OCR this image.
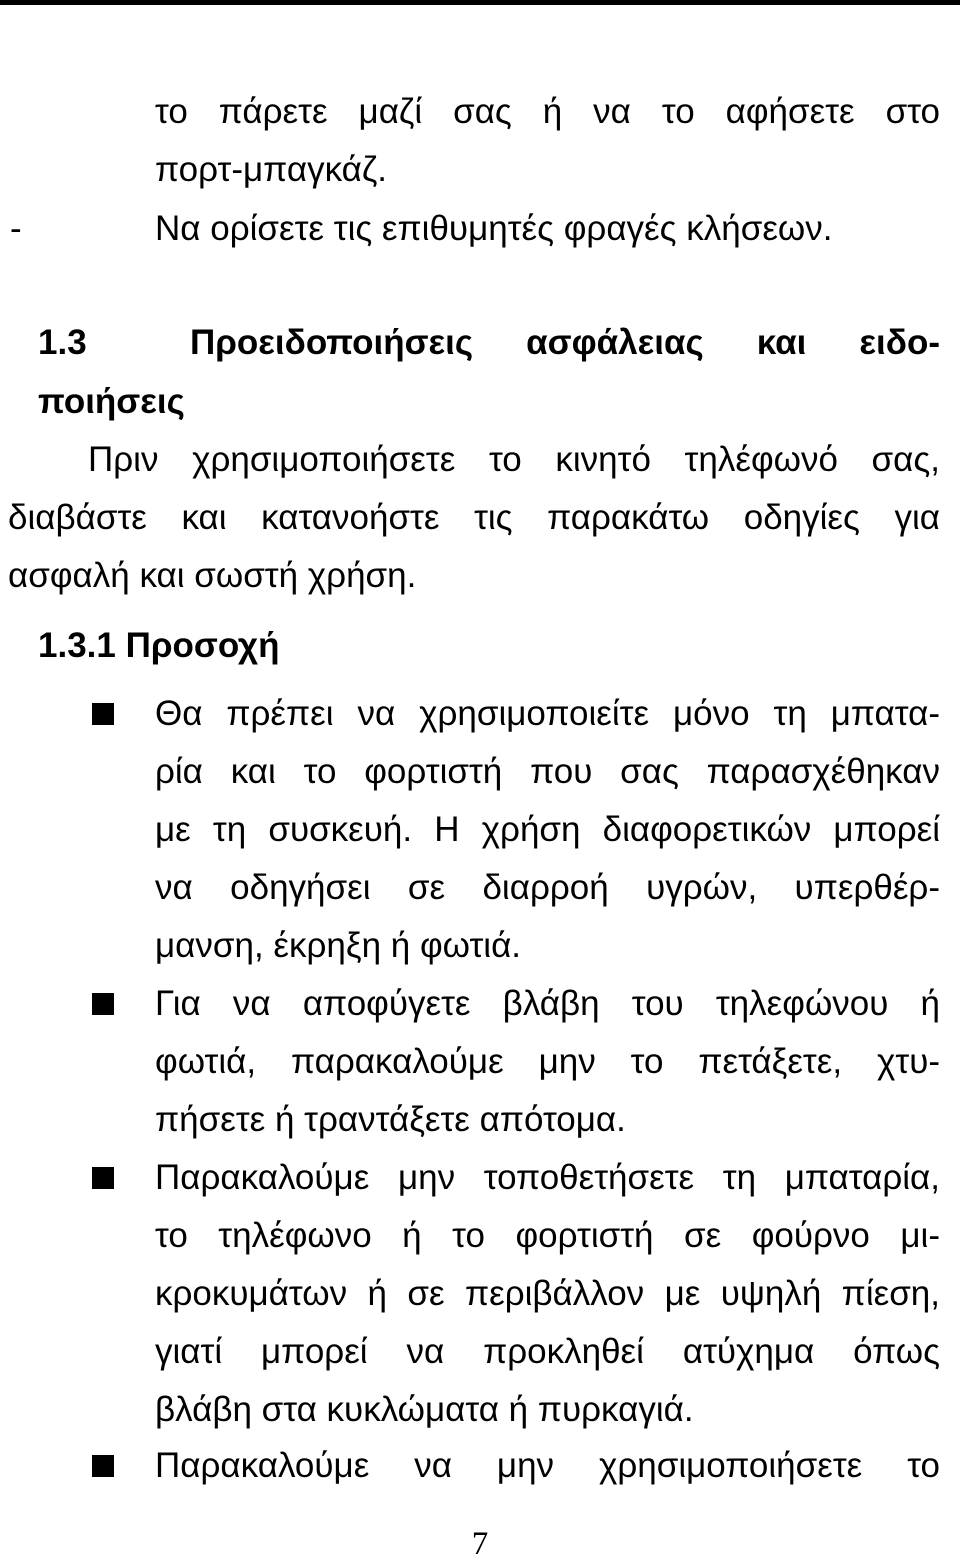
το πάρετε μαζί σας ή να το αφήσετε στο
πορτ-μπαγκάζ.
-	Να ορίσετε τις επιθυμητές φραγές κλήσεων.
1.3	Προειδοποιήσεις ασφάλειας και ειδο-
ποιήσεις
Πριν χρησιμοποιήσετε το κινητό τηλέφωνό σας,
διαβάστε και κατανοήστε τις παρακάτω οδηγίες για
ασφαλή και σωστή χρήση.
1.3.1 Προσοχή
Θα πρέπει να χρησιμοποιείτε μόνο τη μπατα-
ρία και το φορτιστή που σας παρασχέθηκαν
με τη συσκευή. Η χρήση διαφορετικών μπορεί
να οδηγήσει σε διαρροή υγρών, υπερθέρ-
μανση, έκρηξη ή φωτιά.
Για να αποφύγετε βλάβη του τηλεφώνου ή
φωτιά, παρακαλούμε μην το πετάξετε, χτυ-
πήσετε ή τραντάξετε απότομα.
Παρακαλούμε μην τοποθετήσετε τη μπαταρία,
το τηλέφωνο ή το φορτιστή σε φούρνο μι-
κροκυμάτων ή σε περιβάλλον με υψηλή πίεση,
γιατί μπορεί να προκληθεί ατύχημα όπως
βλάβη στα κυκλώματα ή πυρκαγιά.
Παρακαλούμε να μην χρησιμοποιήσετε το
7
